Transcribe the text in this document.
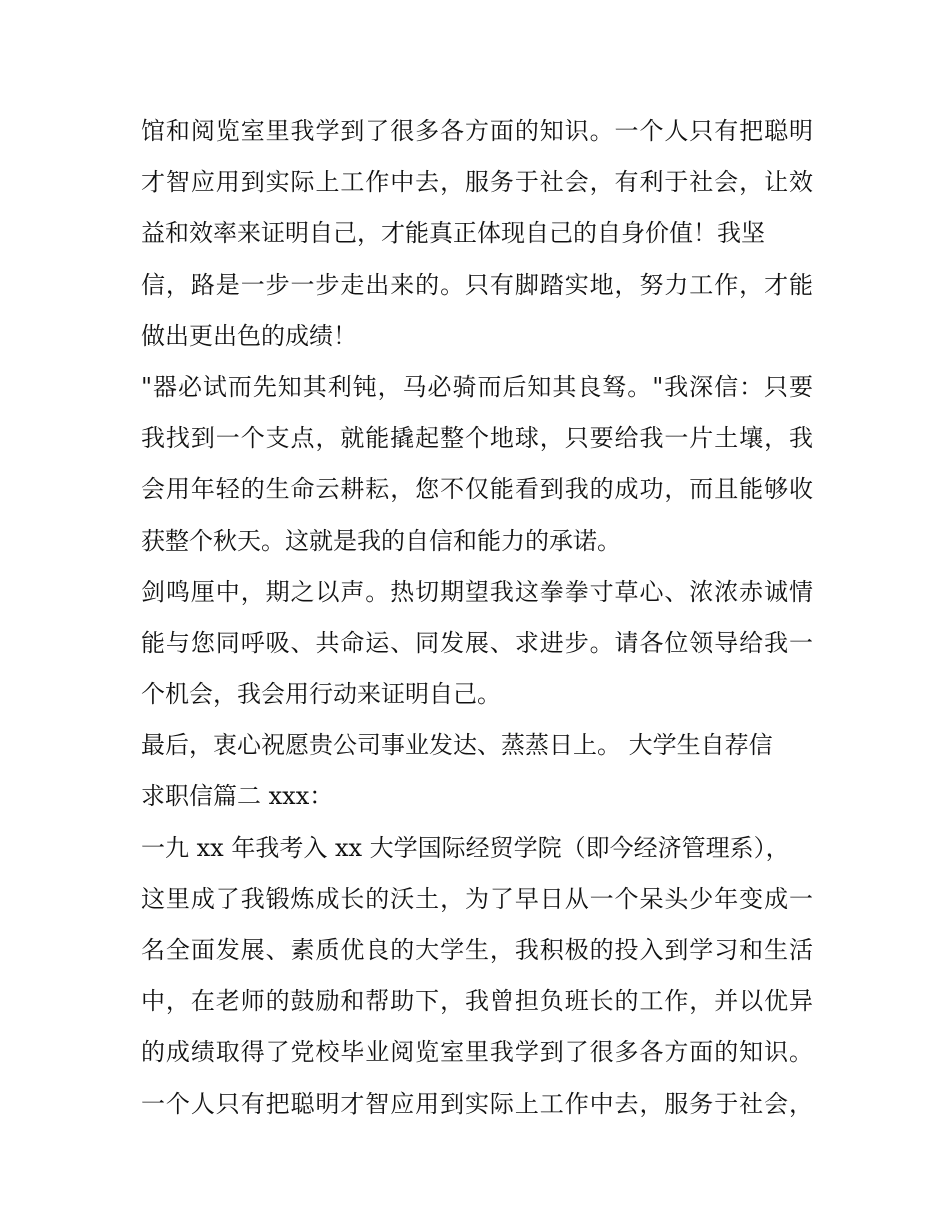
馆和阅览室里我学到了很多各方面的知识。一个人只有把聪明
才智应用到实际上工作中去，服务于社会，有利于社会，让效
益和效率来证明自己，才能真正体现自己的自身价值！我坚
信，路是一步一步走出来的。只有脚踏实地，努力工作，才能
做出更出色的成绩！
"器必试而先知其利钝，马必骑而后知其良驽。"我深信：只要
我找到一个支点，就能撬起整个地球，只要给我一片土壤，我
会用年轻的生命云耕耘，您不仅能看到我的成功，而且能够收
获整个秋天。这就是我的自信和能力的承诺。
剑鸣厘中，期之以声。热切期望我这拳拳寸草心、浓浓赤诚情
能与您同呼吸、共命运、同发展、求进步。请各位领导给我一
个机会，我会用行动来证明自己。
最后，衷心祝愿贵公司事业发达、蒸蒸日上。 大学生自荐信
求职信篇二 xxx：
一九 xx 年我考入 xx 大学国际经贸学院（即今经济管理系），
这里成了我锻炼成长的沃土，为了早日从一个呆头少年变成一
名全面发展、素质优良的大学生，我积极的投入到学习和生活
中，在老师的鼓励和帮助下，我曾担负班长的工作，并以优异
的成绩取得了党校毕业阅览室里我学到了很多各方面的知识。
一个人只有把聪明才智应用到实际上工作中去，服务于社会，
